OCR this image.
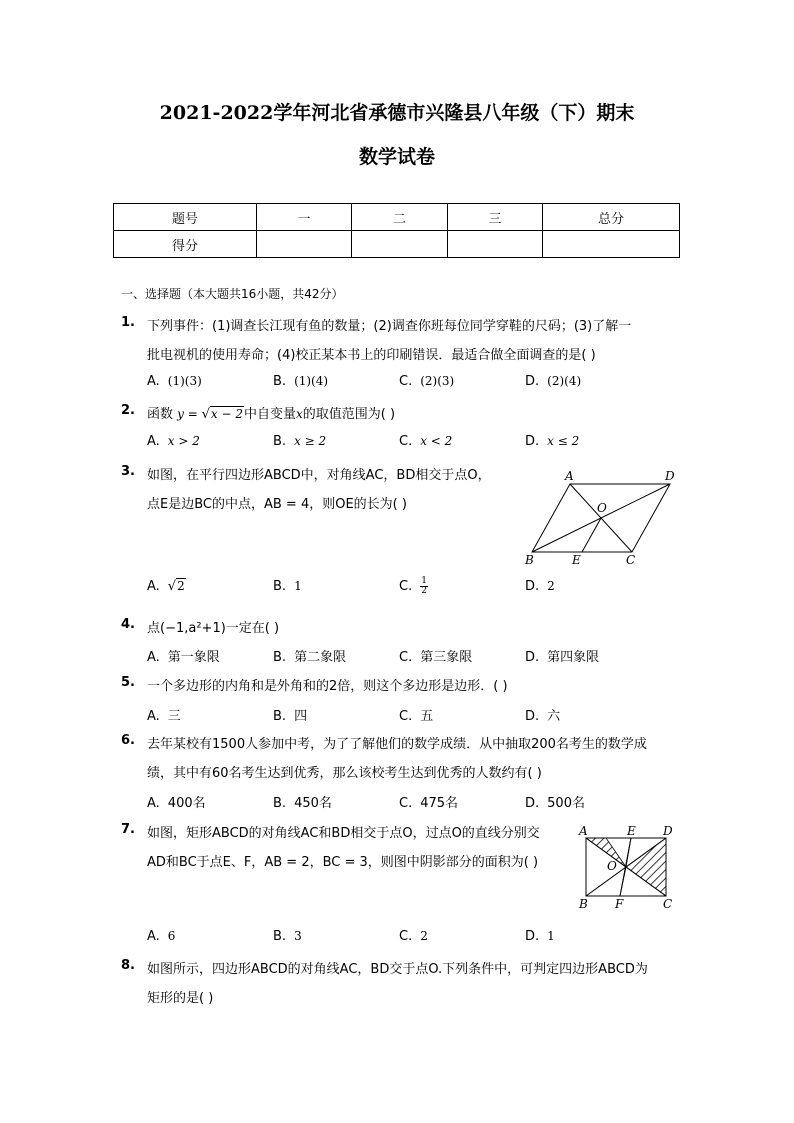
2021-2022学年河北省承德市兴隆县八年级（下）期末
数学试卷
题号	一	二	三	总分
得分				
一、选择题（本大题共16小题，共42分）
1. 下列事件：(1)调查长江现有鱼的数量；(2)调查你班每位同学穿鞋的尺码；(3)了解一
批电视机的使用寿命；(4)校正某本书上的印刷错误．最适合做全面调查的是( )
A. (1)(3)	B. (1)(4)	C. (2)(3)	D. (2)(4)
2. 函数 y = √x − 2中自变量x的取值范围为( )
A. x > 2	B. x ≥ 2	C. x < 2	D. x ≤ 2
3. 如图，在平行四边形ABCD中，对角线AC，BD相交于点O，
点E是边BC的中点，AB = 4，则OE的长为( )
A	D
O
B	E	C
A. √2	B. 1	C. $\frac{1}{2}$	D. 2
4. 点(−1,a²+1)一定在( )
A. 第一象限	B. 第二象限	C. 第三象限	D. 第四象限
5. 一个多边形的内角和是外角和的2倍，则这个多边形是边形．( )
A. 三	B. 四	C. 五	D. 六
6. 去年某校有1500人参加中考，为了了解他们的数学成绩．从中抽取200名考生的数学成
绩，其中有60名考生达到优秀，那么该校考生达到优秀的人数约有( )
A. 400名	B. 450名	C. 475名	D. 500名
7. 如图，矩形ABCD的对角线AC和BD相交于点O，过点O的直线分别交
AD和BC于点E、F，AB = 2，BC = 3，则图中阴影部分的面积为( )
A	E D
O
B F	C
A. 6	B. 3	C. 2	D. 1
8. 如图所示，四边形ABCD的对角线AC，BD交于点O.下列条件中，可判定四边形ABCD为
矩形的是( )
